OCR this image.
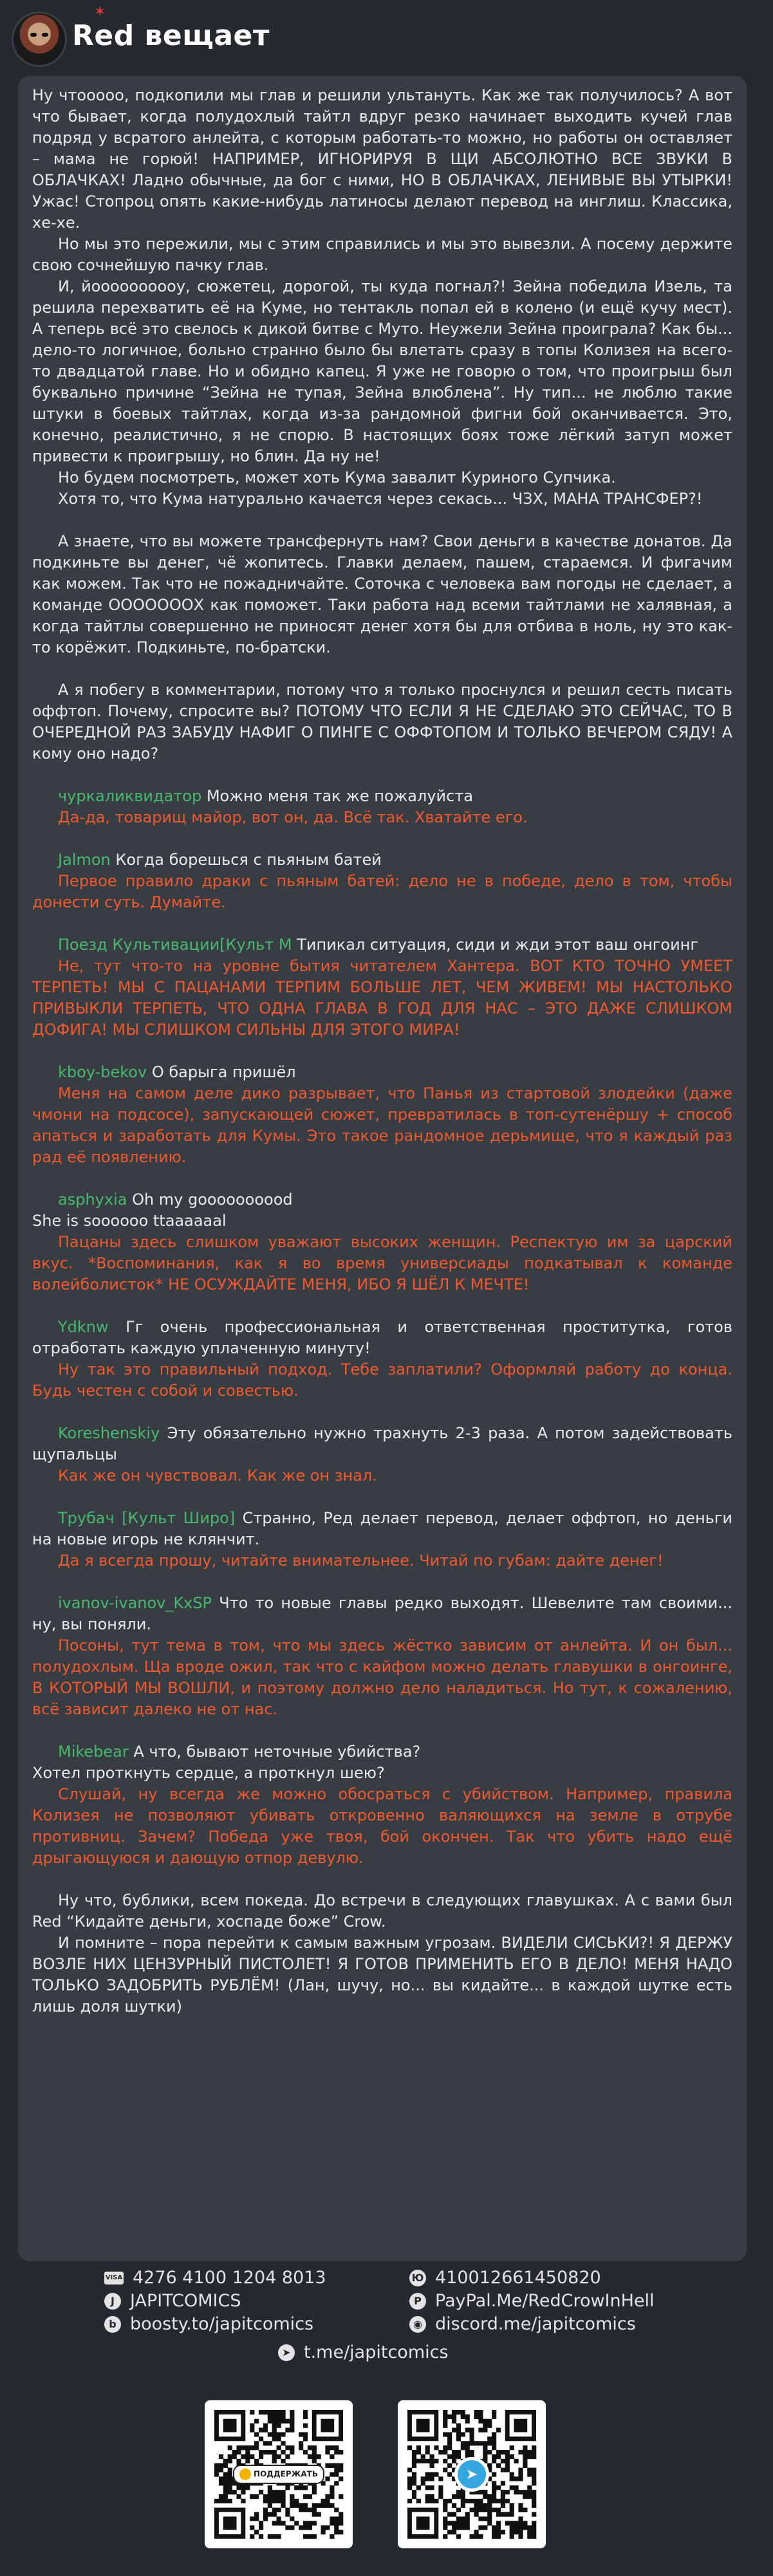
✶
Red вещает

Ну чтоoooo, подкопили мы глав и решили ультануть. Как же так получилось? А вот что бывает, когда полудохлый тайтл вдруг резко начинает выходить кучей глав подряд у всратого анлейта, с которым работать-то можно, но работы он оставляет – мама не горюй! НАПРИМЕР, ИГНОРИРУЯ В ЩИ АБСОЛЮТНО ВСЕ ЗВУКИ В ОБЛАЧКАХ! Ладно обычные, да бог с ними, НО В ОБЛАЧКАХ, ЛЕНИВЫЕ ВЫ УТЫРКИ! Ужас! Стопроц опять какие-нибудь латиносы делают перевод на инглиш. Классика, хе-хе.

Но мы это пережили, мы с этим справились и мы это вывезли. А посему держите свою сочнейшую пачку глав.

И, йоооооооооу, сюжетец, дорогой, ты куда погнал?! Зейна победила Изель, та решила перехватить её на Куме, но тентакль попал ей в колено (и ещё кучу мест). А теперь всё это свелось к дикой битве с Муто. Неужели Зейна проиграла? Как бы... дело-то логичное, больно странно было бы влетать сразу в топы Колизея на всего-то двадцатой главе. Но и обидно капец. Я уже не говорю о том, что проигрыш был буквально причине “Зейна не тупая, Зейна влюблена”. Ну тип... не люблю такие штуки в боевых тайтлах, когда из-за рандомной фигни бой оканчивается. Это, конечно, реалистично, я не спорю. В настоящих боях тоже лёгкий затуп может привести к проигрышу, но блин. Да ну не!

Но будем посмотреть, может хоть Кума завалит Куриного Супчика.

Хотя то, что Кума натурально качается через секась... ЧЗХ, МАНА ТРАНСФЕР?!

А знаете, что вы можете трансфернуть нам? Свои деньги в качестве донатов. Да подкиньте вы денег, чё жопитесь. Главки делаем, пашем, стараемся. И фигачим как можем. Так что не пожадничайте. Соточка с человека вам погоды не сделает, а команде ОООООООХ как поможет. Таки работа над всеми тайтлами не халявная, а когда тайтлы совершенно не приносят денег хотя бы для отбива в ноль, ну это как-то корёжит. Подкиньте, по-братски.

А я побегу в комментарии, потому что я только проснулся и решил сесть писать оффтоп. Почему, спросите вы? ПОТОМУ ЧТО ЕСЛИ Я НЕ СДЕЛАЮ ЭТО СЕЙЧАС, ТО В ОЧЕРЕДНОЙ РАЗ ЗАБУДУ НАФИГ О ПИНГЕ С ОФФТОПОМ И ТОЛЬКО ВЕЧЕРОМ СЯДУ! А кому оно надо?

чуркаликвидатор Можно меня так же пожалуйста

Да-да, товарищ майор, вот он, да. Всё так. Хватайте его.

Jalmon Когда борешься с пьяным батей

Первое правило драки с пьяным батей: дело не в победе, дело в том, чтобы донести суть. Думайте.

Поезд Культивации[Культ М Типикал ситуация, сиди и жди этот ваш онгоинг

Не, тут что-то на уровне бытия читателем Хантера. ВОТ КТО ТОЧНО УМЕЕТ ТЕРПЕТЬ! МЫ С ПАЦАНАМИ ТЕРПИМ БОЛЬШЕ ЛЕТ, ЧЕМ ЖИВЕМ! МЫ НАСТОЛЬКО ПРИВЫКЛИ ТЕРПЕТЬ, ЧТО ОДНА ГЛАВА В ГОД ДЛЯ НАС – ЭТО ДАЖЕ СЛИШКОМ ДОФИГА! МЫ СЛИШКОМ СИЛЬНЫ ДЛЯ ЭТОГО МИРА!

kboy-bekov О барыга пришёл

Меня на самом деле дико разрывает, что Панья из стартовой злодейки (даже чмони на подсосе), запускающей сюжет, превратилась в топ-сутенёршу + способ апаться и заработать для Кумы. Это такое рандомное дерьмище, что я каждый раз рад её появлению.

asphyxia Oh my goooooooood

She is soooooo ttaaaaaal

Пацаны здесь слишком уважают высоких женщин. Респектую им за царский вкус. *Воспоминания, как я во время универсиады подкатывал к команде волейболисток* НЕ ОСУЖДАЙТЕ МЕНЯ, ИБО Я ШЁЛ К МЕЧТЕ!

Ydknw Гг очень профессиональная и ответственная проститутка, готов отработать каждую уплаченную минуту!

Ну так это правильный подход. Тебе заплатили? Оформляй работу до конца. Будь честен с собой и совестью.

Koreshenskiy Эту обязательно нужно трахнуть 2-3 раза. А потом задействовать щупальцы

Как же он чувствовал. Как же он знал.

Трубач [Культ Широ] Странно, Ред делает перевод, делает оффтоп, но деньги на новые игорь не клянчит.

Да я всегда прошу, читайте внимательнее. Читай по губам: дайте денег!

ivanov-ivanov_KxSP Что то новые главы редко выходят. Шевелите там своими... ну, вы поняли.

Посоны, тут тема в том, что мы здесь жёстко зависим от анлейта. И он был... полудохлым. Ща вроде ожил, так что с кайфом можно делать главушки в онгоинге, В КОТОРЫЙ МЫ ВОШЛИ, и поэтому должно дело наладиться. Но тут, к сожалению, всё зависит далеко не от нас.

Mikebear А что, бывают неточные убийства?

Хотел проткнуть сердце, а проткнул шею?

Слушай, ну всегда же можно обосраться с убийством. Например, правила Колизея не позволяют убивать откровенно валяющихся на земле в отрубе противниц. Зачем? Победа уже твоя, бой окончен. Так что убить надо ещё дрыгающуюся и дающую отпор девулю.

Ну что, бублики, всем покеда. До встречи в следующих главушках. А с вами был Red “Кидайте деньги, хоспаде боже” Crow.

И помните – пора перейти к самым важным угрозам. ВИДЕЛИ СИСЬКИ?! Я ДЕРЖУ ВОЗЛЕ НИХ ЦЕНЗУРНЫЙ ПИСТОЛЕТ! Я ГОТОВ ПРИМЕНИТЬ ЕГО В ДЕЛО! МЕНЯ НАДО ТОЛЬКО ЗАДОБРИТЬ РУБЛЁМ! (Лан, шучу, но... вы кидайте... в каждой шутке есть лишь доля шутки)

VISA 4276 4100 1204 8013
J JAPITCOMICS
b boosty.to/japitcomics
Ю 410012661450820
P PayPal.Me/RedCrowInHell
◉ discord.me/japitcomics
➤ t.me/japitcomics
ПОДДЕРЖАТЬ	➤
